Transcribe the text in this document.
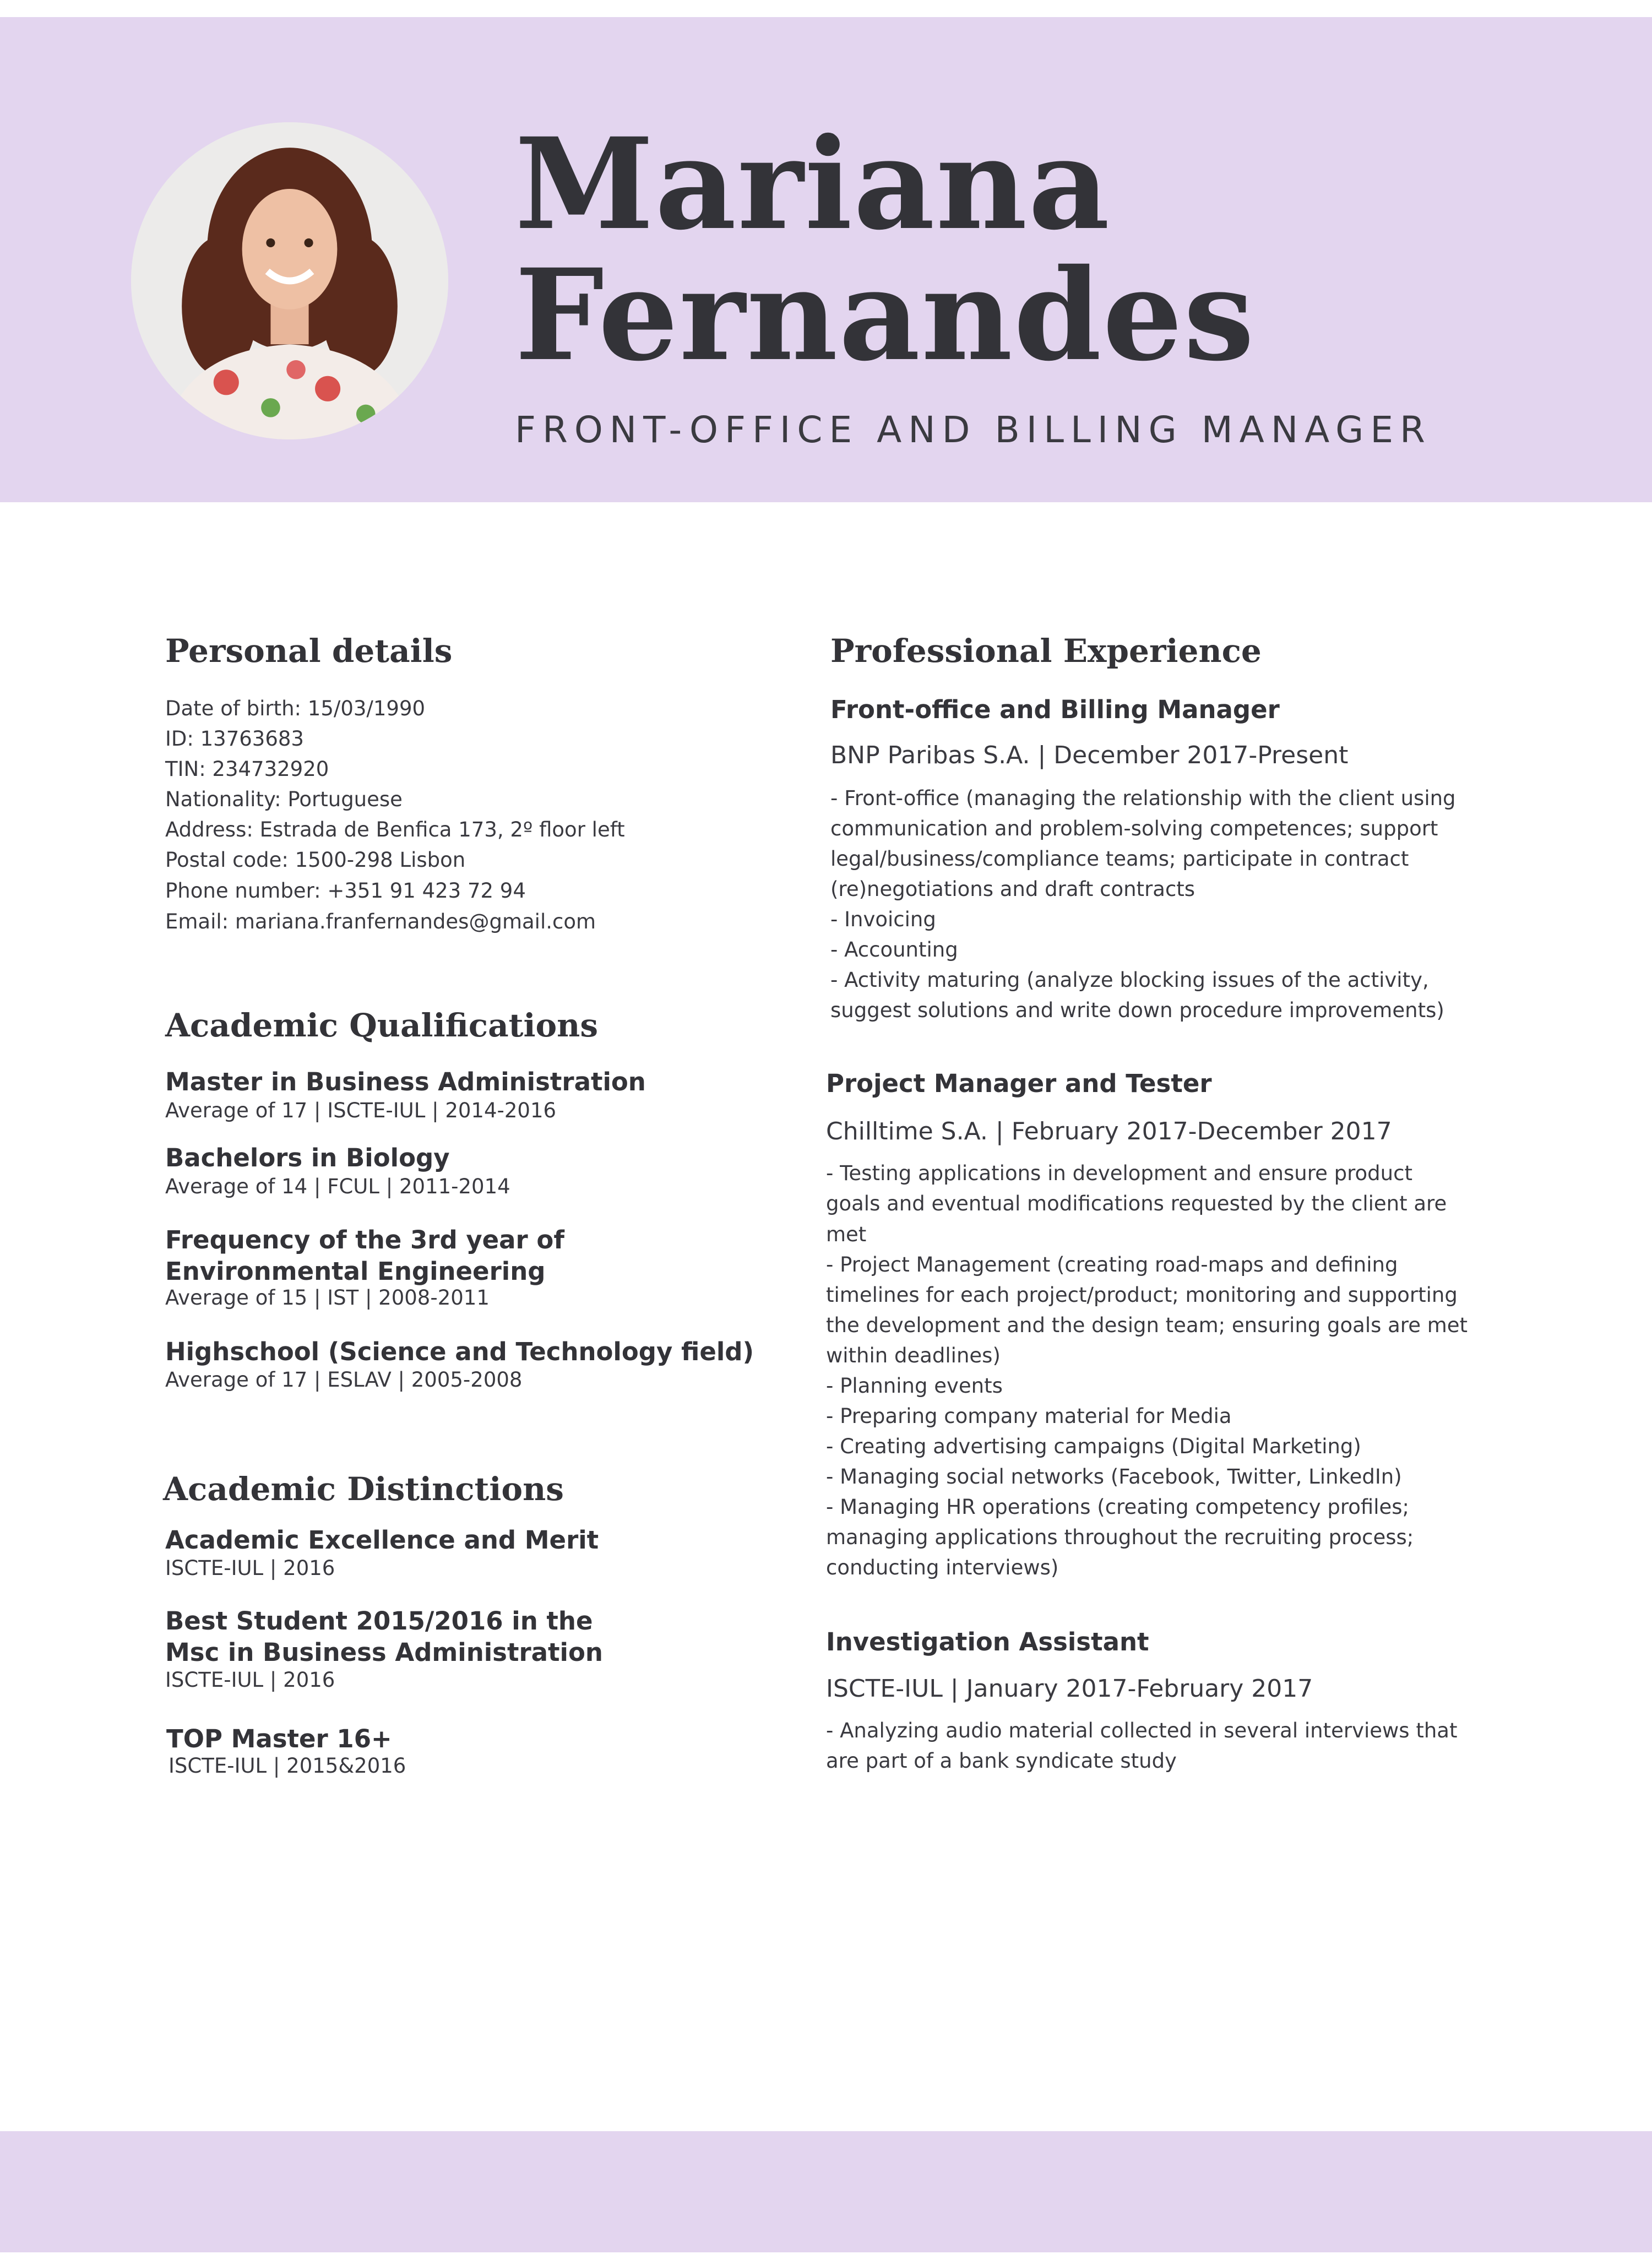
Mariana
Fernandes
FRONT-OFFICE AND BILLING MANAGER
Personal details
Date of birth: 15/03/1990
ID: 13763683
TIN: 234732920
Nationality: Portuguese
Address: Estrada de Benfica 173, 2º floor left
Postal code: 1500-298 Lisbon
Phone number: +351 91 423 72 94
Email: mariana.franfernandes@gmail.com
Academic Qualifications
Master in Business Administration
Average of 17 | ISCTE-IUL | 2014-2016
Bachelors in Biology
Average of 14 | FCUL | 2011-2014
Frequency of the 3rd year of
Environmental Engineering
Average of 15 | IST | 2008-2011
Highschool (Science and Technology field)
Average of 17 | ESLAV | 2005-2008
Academic Distinctions
Academic Excellence and Merit
ISCTE-IUL | 2016
Best Student 2015/2016 in the
Msc in Business Administration
ISCTE-IUL | 2016
TOP Master 16+
ISCTE-IUL | 2015&2016
Professional Experience
Front-office and Billing Manager
BNP Paribas S.A. | December 2017-Present
- Front-office (managing the relationship with the client using
communication and problem-solving competences; support
legal/business/compliance teams; participate in contract
(re)negotiations and draft contracts
- Invoicing
- Accounting
- Activity maturing (analyze blocking issues of the activity,
suggest solutions and write down procedure improvements)
Project Manager and Tester
Chilltime S.A. | February 2017-December 2017
- Testing applications in development and ensure product
goals and eventual modifications requested by the client are
met
- Project Management (creating road-maps and defining
timelines for each project/product; monitoring and supporting
the development and the design team; ensuring goals are met
within deadlines)
- Planning events
- Preparing company material for Media
- Creating advertising campaigns (Digital Marketing)
- Managing social networks (Facebook, Twitter, LinkedIn)
- Managing HR operations (creating competency profiles;
managing applications throughout the recruiting process;
conducting interviews)
Investigation Assistant
ISCTE-IUL | January 2017-February 2017
- Analyzing audio material collected in several interviews that
are part of a bank syndicate study
